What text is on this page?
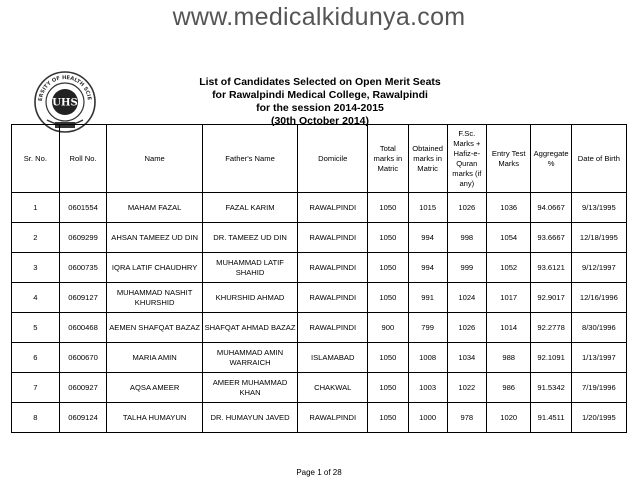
www.medicalkidunya.com
ERSITY OF HEALTH SCIE
UHS
List of Candidates Selected on Open Merit Seats
for Rawalpindi Medical College, Rawalpindi
for the session 2014-2015
(30th October 2014)
Sr. No.	Roll No.	Name	Father's Name	Domicile	Total marks in Matric	Obtained marks in Matric	F.Sc. Marks + Hafiz-e-Quran marks (if any)	Entry Test Marks	Aggregate %	Date of Birth
1	0601554	MAHAM FAZAL	FAZAL KARIM	RAWALPINDI	1050	1015	1026	1036	94.0667	9/13/1995
2	0609299	AHSAN TAMEEZ UD DIN	DR. TAMEEZ UD DIN	RAWALPINDI	1050	994	998	1054	93.6667	12/18/1995
3	0600735	IQRA LATIF CHAUDHRY	MUHAMMAD LATIF SHAHID	RAWALPINDI	1050	994	999	1052	93.6121	9/12/1997
4	0609127	MUHAMMAD NASHIT KHURSHID	KHURSHID AHMAD	RAWALPINDI	1050	991	1024	1017	92.9017	12/16/1996
5	0600468	AEMEN SHAFQAT BAZAZ	SHAFQAT AHMAD BAZAZ	RAWALPINDI	900	799	1026	1014	92.2778	8/30/1996
6	0600670	MARIA AMIN	MUHAMMAD AMIN WARRAICH	ISLAMABAD	1050	1008	1034	988	92.1091	1/13/1997
7	0600927	AQSA AMEER	AMEER MUHAMMAD KHAN	CHAKWAL	1050	1003	1022	986	91.5342	7/19/1996
8	0609124	TALHA HUMAYUN	DR. HUMAYUN JAVED	RAWALPINDI	1050	1000	978	1020	91.4511	1/20/1995
Page 1 of 28
